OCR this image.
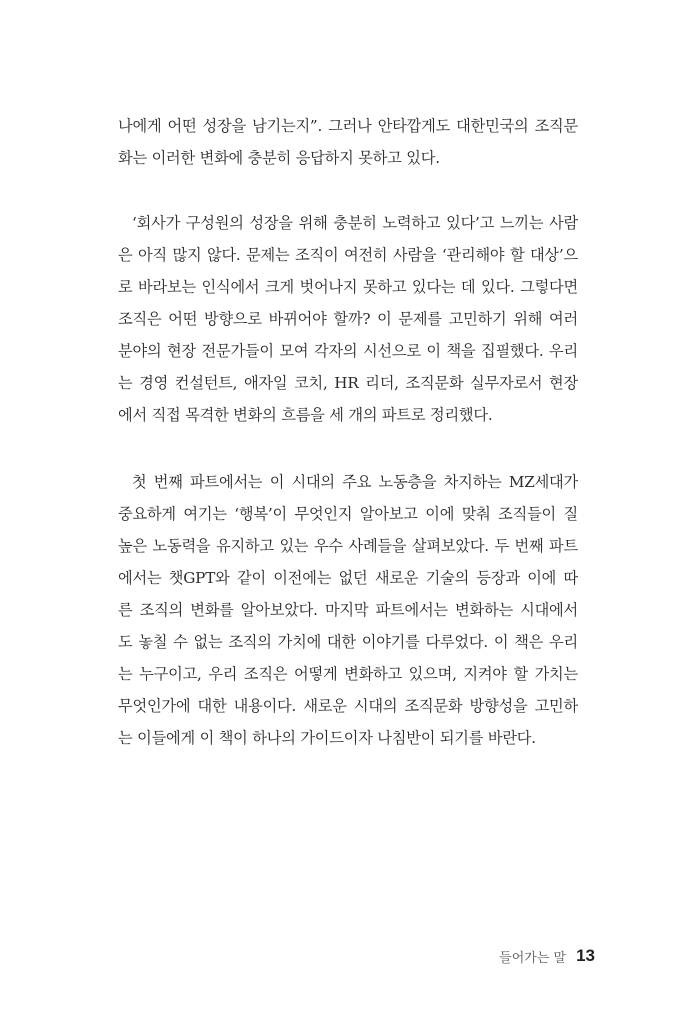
나에게 어떤 성장을 남기는지”. 그러나 안타깝게도 대한민국의 조직문
화는 이러한 변화에 충분히 응답하지 못하고 있다.
‘회사가 구성원의 성장을 위해 충분히 노력하고 있다’고 느끼는 사람
은 아직 많지 않다. 문제는 조직이 여전히 사람을 ‘관리해야 할 대상’으
로 바라보는 인식에서 크게 벗어나지 못하고 있다는 데 있다. 그렇다면
조직은 어떤 방향으로 바뀌어야 할까? 이 문제를 고민하기 위해 여러
분야의 현장 전문가들이 모여 각자의 시선으로 이 책을 집필했다. 우리
는 경영 컨설턴트, 애자일 코치, HR 리더, 조직문화 실무자로서 현장
에서 직접 목격한 변화의 흐름을 세 개의 파트로 정리했다.
첫 번째 파트에서는 이 시대의 주요 노동층을 차지하는 MZ세대가
중요하게 여기는 ‘행복’이 무엇인지 알아보고 이에 맞춰 조직들이 질
높은 노동력을 유지하고 있는 우수 사례들을 살펴보았다. 두 번째 파트
에서는 챗GPT와 같이 이전에는 없던 새로운 기술의 등장과 이에 따
른 조직의 변화를 알아보았다. 마지막 파트에서는 변화하는 시대에서
도 놓칠 수 없는 조직의 가치에 대한 이야기를 다루었다. 이 책은 우리
는 누구이고, 우리 조직은 어떻게 변화하고 있으며, 지켜야 할 가치는
무엇인가에 대한 내용이다. 새로운 시대의 조직문화 방향성을 고민하
는 이들에게 이 책이 하나의 가이드이자 나침반이 되기를 바란다.
들어가는 말 13
